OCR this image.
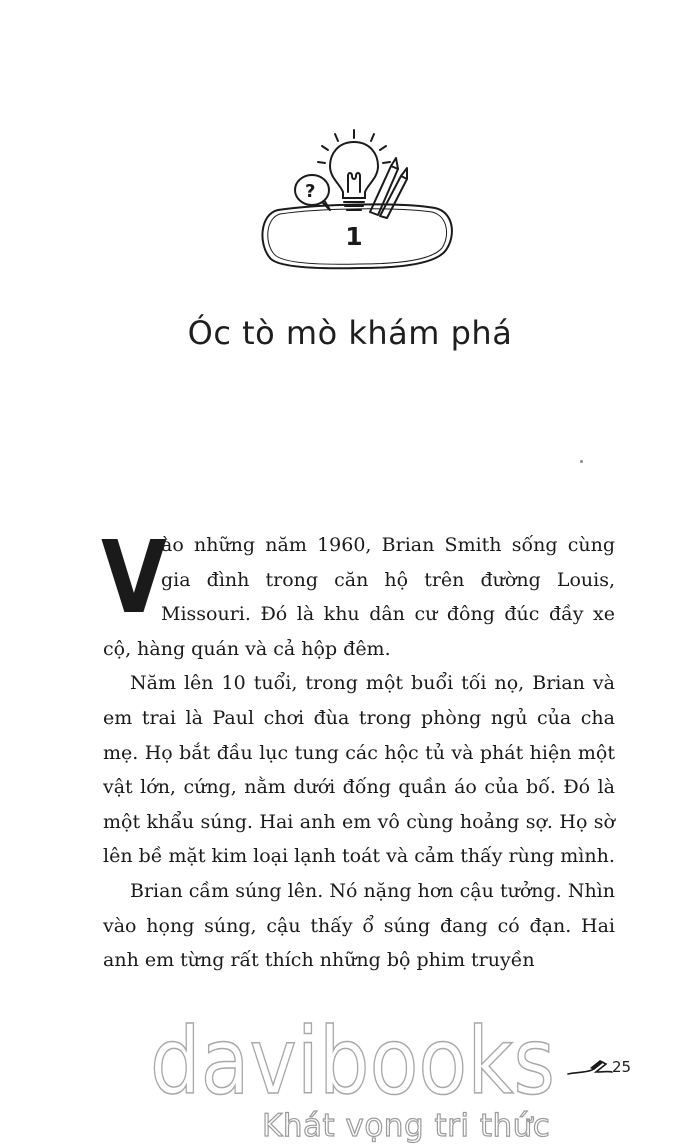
?
1
Óc tò mò khám phá

V
ào những năm 1960, Brian Smith sống cùng gia đình trong căn hộ trên đường Louis, Missouri. Đó là khu dân cư đông đúc đầy xe cộ, hàng quán và cả hộp đêm.

Năm lên 10 tuổi, trong một buổi tối nọ, Brian và em trai là Paul chơi đùa trong phòng ngủ của cha mẹ. Họ bắt đầu lục tung các hộc tủ và phát hiện một vật lớn, cứng, nằm dưới đống quần áo của bố. Đó là một khẩu súng. Hai anh em vô cùng hoảng sợ. Họ sờ lên bề mặt kim loại lạnh toát và cảm thấy rùng mình.

Brian cầm súng lên. Nó nặng hơn cậu tưởng. Nhìn vào họng súng, cậu thấy ổ súng đang có đạn. Hai anh em từng rất thích những bộ phim truyền

davibooks
Khát vọng tri thức
25
